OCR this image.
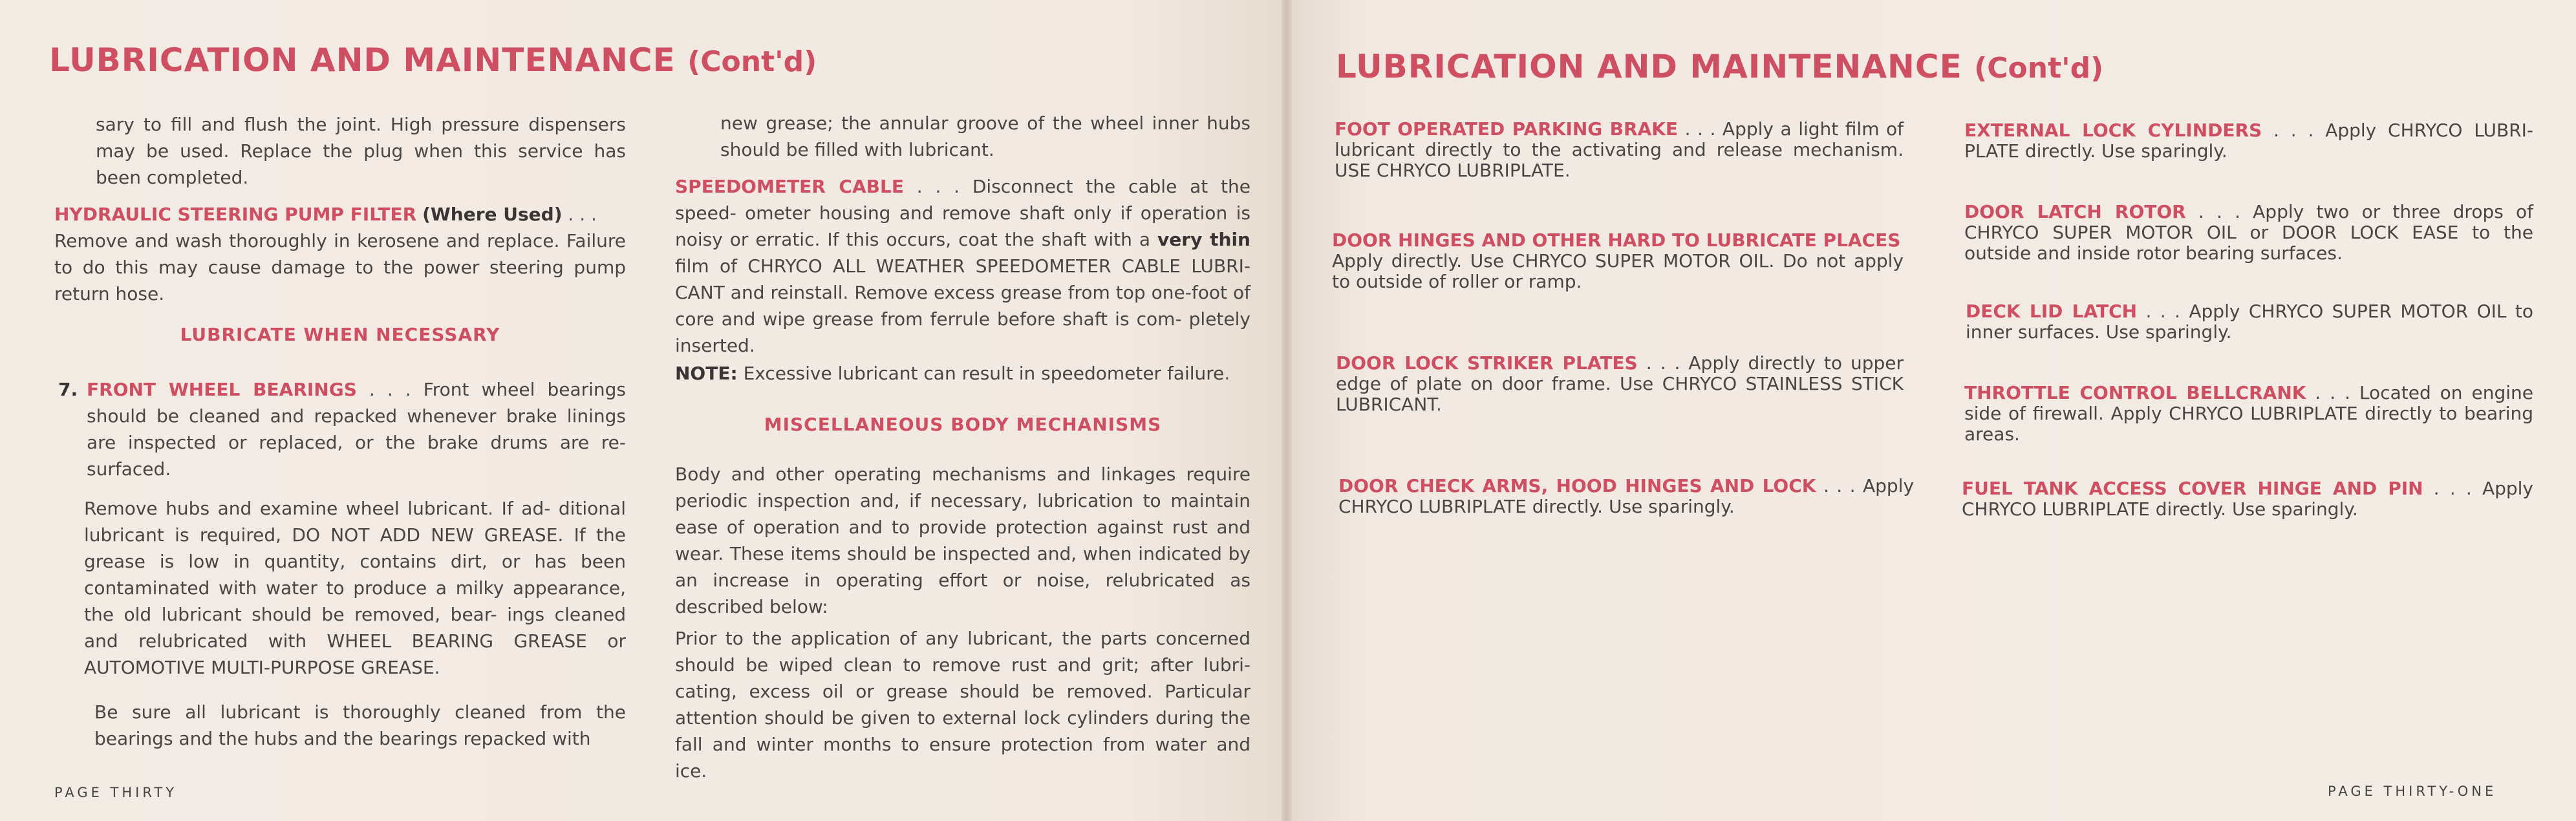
LUBRICATION AND MAINTENANCE (Cont'd)

sary to fill and flush the joint. High pressure dispensers may be used. Replace the plug when this service has been completed.

HYDRAULIC STEERING PUMP FILTER (Where Used) . . .
Remove and wash thoroughly in kerosene and replace. Failure to do this may cause damage to the power steering pump return hose.

LUBRICATE WHEN NECESSARY

7. FRONT WHEEL BEARINGS . . . Front wheel bearings should be cleaned and repacked whenever brake linings are inspected or replaced, or the brake drums are re- surfaced.

Remove hubs and examine wheel lubricant. If ad- ditional lubricant is required, DO NOT ADD NEW GREASE. If the grease is low in quantity, contains dirt, or has been contaminated with water to produce a milky appearance, the old lubricant should be removed, bear- ings cleaned and relubricated with WHEEL BEARING GREASE or AUTOMOTIVE MULTI-PURPOSE GREASE.

Be sure all lubricant is thoroughly cleaned from the bearings and the hubs and the bearings repacked with

new grease; the annular groove of the wheel inner hubs should be filled with lubricant.

SPEEDOMETER CABLE . . . Disconnect the cable at the speed- ometer housing and remove shaft only if operation is noisy or erratic. If this occurs, coat the shaft with a very thin film of CHRYCO ALL WEATHER SPEEDOMETER CABLE LUBRI- CANT and reinstall. Remove excess grease from top one-foot of core and wipe grease from ferrule before shaft is com- pletely inserted.

NOTE: Excessive lubricant can result in speedometer failure.

MISCELLANEOUS BODY MECHANISMS

Body and other operating mechanisms and linkages require periodic inspection and, if necessary, lubrication to maintain ease of operation and to provide protection against rust and wear. These items should be inspected and, when indicated by an increase in operating effort or noise, relubricated as described below:

Prior to the application of any lubricant, the parts concerned should be wiped clean to remove rust and grit; after lubri- cating, excess oil or grease should be removed. Particular attention should be given to external lock cylinders during the fall and winter months to ensure protection from water and ice.

PAGE THIRTY
LUBRICATION AND MAINTENANCE (Cont'd)

FOOT OPERATED PARKING BRAKE . . . Apply a light film of lubricant directly to the activating and release mechanism. USE CHRYCO LUBRIPLATE.

DOOR HINGES AND OTHER HARD TO LUBRICATE PLACES
Apply directly. Use CHRYCO SUPER MOTOR OIL. Do not apply to outside of roller or ramp.

DOOR LOCK STRIKER PLATES . . . Apply directly to upper edge of plate on door frame. Use CHRYCO STAINLESS STICK LUBRICANT.

DOOR CHECK ARMS, HOOD HINGES AND LOCK . . . Apply CHRYCO LUBRIPLATE directly. Use sparingly.

EXTERNAL LOCK CYLINDERS . . . Apply CHRYCO LUBRI- PLATE directly. Use sparingly.

DOOR LATCH ROTOR . . . Apply two or three drops of CHRYCO SUPER MOTOR OIL or DOOR LOCK EASE to the outside and inside rotor bearing surfaces.

DECK LID LATCH . . . Apply CHRYCO SUPER MOTOR OIL to inner surfaces. Use sparingly.

THROTTLE CONTROL BELLCRANK . . . Located on engine side of firewall. Apply CHRYCO LUBRIPLATE directly to bearing areas.

FUEL TANK ACCESS COVER HINGE AND PIN . . . Apply CHRYCO LUBRIPLATE directly. Use sparingly.

PAGE THIRTY-ONE
